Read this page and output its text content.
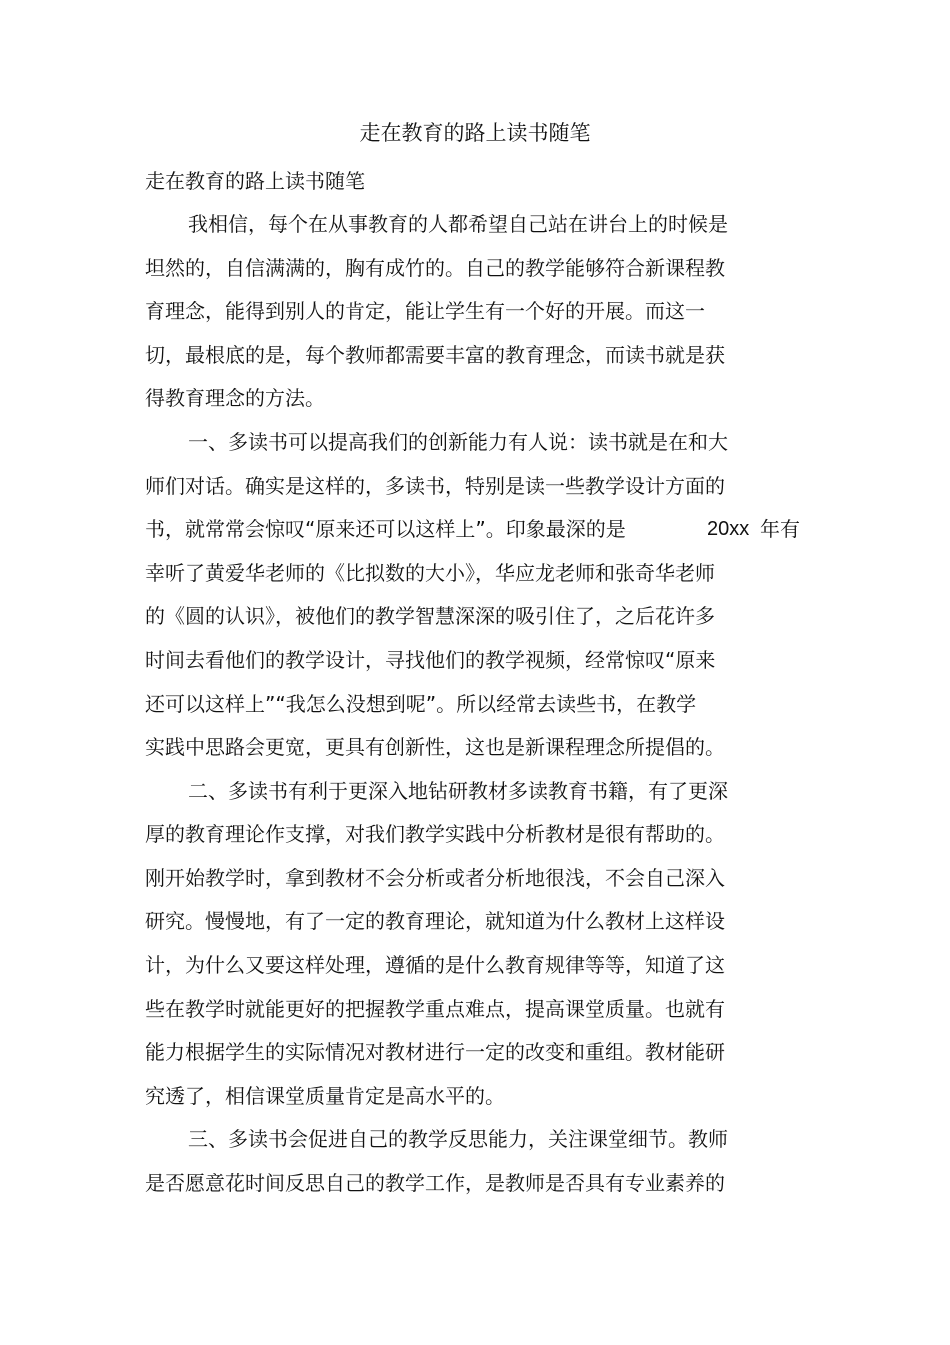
走在教育的路上读书随笔
走在教育的路上读书随笔
我相信，每个在从事教育的人都希望自己站在讲台上的时候是
坦然的，自信满满的，胸有成竹的。自己的教学能够符合新课程教
育理念，能得到别人的肯定，能让学生有一个好的开展。而这一
切，最根底的是，每个教师都需要丰富的教育理念，而读书就是获
得教育理念的方法。
一、多读书可以提高我们的创新能力有人说：读书就是在和大
师们对话。确实是这样的，多读书，特别是读一些教学设计方面的
书，就常常会惊叹“原来还可以这样上”。印象最深的是	20xx 年有
幸听了黄爱华老师的《比拟数的大小》，华应龙老师和张奇华老师
的《圆的认识》，被他们的教学智慧深深的吸引住了，之后花许多
时间去看他们的教学设计，寻找他们的教学视频，经常惊叹“原来
还可以这样上”“我怎么没想到呢”。所以经常去读些书，在教学
实践中思路会更宽，更具有创新性，这也是新课程理念所提倡的。
二、多读书有利于更深入地钻研教材多读教育书籍，有了更深
厚的教育理论作支撑，对我们教学实践中分析教材是很有帮助的。
刚开始教学时，拿到教材不会分析或者分析地很浅，不会自己深入
研究。慢慢地，有了一定的教育理论，就知道为什么教材上这样设
计，为什么又要这样处理，遵循的是什么教育规律等等，知道了这
些在教学时就能更好的把握教学重点难点，提高课堂质量。也就有
能力根据学生的实际情况对教材进行一定的改变和重组。教材能研
究透了，相信课堂质量肯定是高水平的。
三、多读书会促进自己的教学反思能力，关注课堂细节。教师
是否愿意花时间反思自己的教学工作，是教师是否具有专业素养的
